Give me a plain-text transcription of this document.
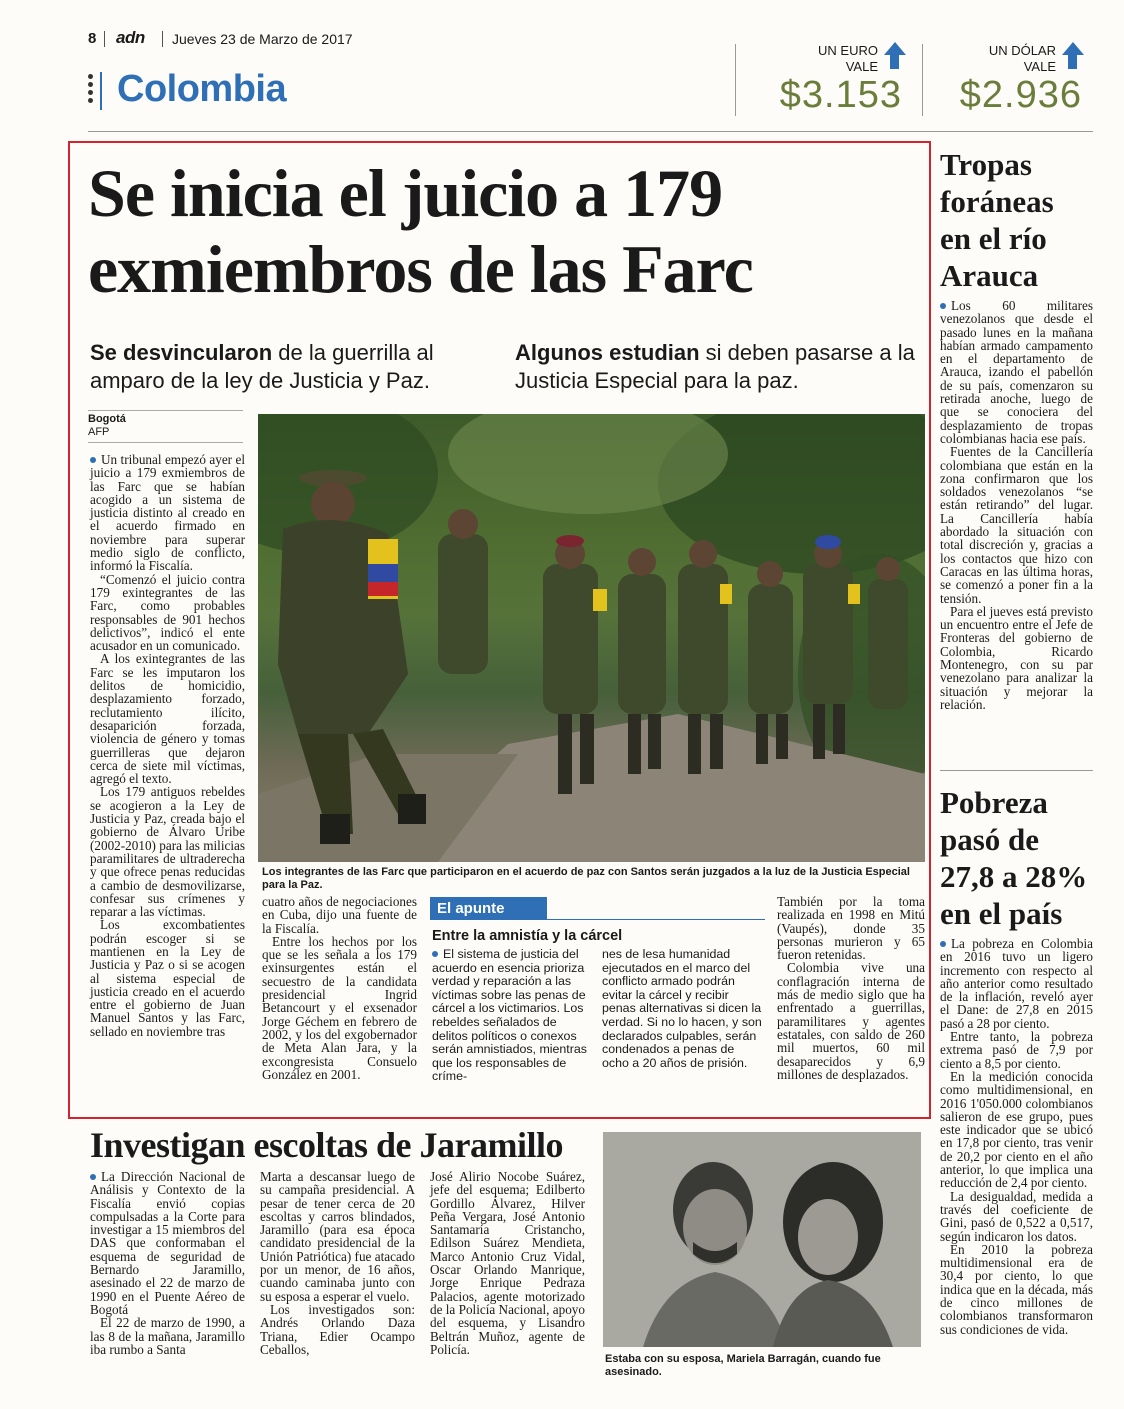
8 adn Jueves 23 de Marzo de 2017
Colombia
UN EURO
VALE
$3.153
UN DÓLAR
VALE
$2.936
Se inicia el juicio a 179
exmiembros de las Farc
Se desvincularon de la guerrilla al amparo de la ley de Justicia y Paz.
Algunos estudian si deben pasarse a la Justicia Especial para la paz.
Bogotá
AFP
Los integrantes de las Farc que participaron en el acuerdo de paz con Santos serán juzgados a la luz de la Justicia Especial para la Paz.

Un tribunal empezó ayer el juicio a 179 exmiembros de las Farc que se habían acogido a un sistema de justicia distinto al creado en el acuerdo firmado en noviembre para superar medio siglo de conflicto, informó la Fiscalía.

“Comenzó el juicio contra 179 exintegrantes de las Farc, como probables responsables de 901 hechos delictivos”, indicó el ente acusador en un comunicado.

A los exintegrantes de las Farc se les imputaron los delitos de homicidio, desplazamiento forzado, reclutamiento ilícito, desaparición forzada, violencia de género y tomas guerrilleras que dejaron cerca de siete mil víctimas, agregó el texto.

Los 179 antiguos rebeldes se acogieron a la Ley de Justicia y Paz, creada bajo el gobierno de Álvaro Uribe (2002-2010) para las milicias paramilitares de ultraderecha y que ofrece penas reducidas a cambio de desmovilizarse, confesar sus crímenes y reparar a las víctimas.

Los excombatientes podrán escoger si se mantienen en la Ley de Justicia y Paz o si se acogen al sistema especial de justicia creado en el acuerdo entre el gobierno de Juan Manuel Santos y las Farc, sellado en noviembre tras

cuatro años de negociaciones en Cuba, dijo una fuente de la Fiscalía.

Entre los hechos por los que se les señala a los 179 exinsurgentes están el secuestro de la candidata presidencial Ingrid Betancourt y el exsenador Jorge Géchem en febrero de 2002, y los del exgobernador de Meta Alan Jara, y la excongresista Consuelo González en 2001.

El apunte
Entre la amnistía y la cárcel
El sistema de justicia del acuerdo en esencia prioriza verdad y reparación a las víctimas sobre las penas de cárcel a los victimarios. Los rebeldes señalados de delitos políticos o conexos serán amnistiados, mientras que los responsables de críme-
nes de lesa humanidad ejecutados en el marco del conflicto armado podrán evitar la cárcel y recibir penas alternativas si dicen la verdad. Si no lo hacen, y son declarados culpables, serán condenados a penas de ocho a 20 años de prisión.

También por la toma realizada en 1998 en Mitú (Vaupés), donde 35 personas murieron y 65 fueron retenidas.

Colombia vive una conflagración interna de más de medio siglo que ha enfrentado a guerrillas, paramilitares y agentes estatales, con saldo de 260 mil muertos, 60 mil desaparecidos y 6,9 millones de desplazados.

Tropas foráneas en el río Arauca

Los 60 militares venezolanos que desde el pasado lunes en la mañana habían armado campamento en el departamento de Arauca, izando el pabellón de su país, comenzaron su retirada anoche, luego de que se conociera del desplazamiento de tropas colombianas hacia ese país.

Fuentes de la Cancillería colombiana que están en la zona confirmaron que los soldados venezolanos “se están retirando” del lugar. La Cancillería había abordado la situación con total discreción y, gracias a los contactos que hizo con Caracas en las última horas, se comenzó a poner fin a la tensión.

Para el jueves está previsto un encuentro entre el Jefe de Fronteras del gobierno de Colombia, Ricardo Montenegro, con su par venezolano para analizar la situación y mejorar la relación.

Pobreza pasó de 27,8 a 28% en el país

La pobreza en Colombia en 2016 tuvo un ligero incremento con respecto al año anterior como resultado de la inflación, reveló ayer el Dane: de 27,8 en 2015 pasó a 28 por ciento.

Entre tanto, la pobreza extrema pasó de 7,9 por ciento a 8,5 por ciento.

En la medición conocida como multidimensional, en 2016 1'050.000 colombianos salieron de ese grupo, pues este indicador que se ubicó en 17,8 por ciento, tras venir de 20,2 por ciento en el año anterior, lo que implica una reducción de 2,4 por ciento.

La desigualdad, medida a través del coeficiente de Gini, pasó de 0,522 a 0,517, según indicaron los datos.

En 2010 la pobreza multidimensional era de 30,4 por ciento, lo que indica que en la década, más de cinco millones de colombianos transformaron sus condiciones de vida.

Investigan escoltas de Jaramillo

La Dirección Nacional de Análisis y Contexto de la Fiscalía envió copias compulsadas a la Corte para investigar a 15 miembros del DAS que conformaban el esquema de seguridad de Bernardo Jaramillo, asesinado el 22 de marzo de 1990 en el Puente Aéreo de Bogotá

El 22 de marzo de 1990, a las 8 de la mañana, Jaramillo iba rumbo a Santa

Marta a descansar luego de su campaña presidencial. A pesar de tener cerca de 20 escoltas y carros blindados, Jaramillo (para esa época candidato presidencial de la Unión Patriótica) fue atacado por un menor, de 16 años, cuando caminaba junto con su esposa a esperar el vuelo.

Los investigados son: Andrés Orlando Daza Triana, Edier Ocampo Ceballos,

José Alirio Nocobe Suárez, jefe del esquema; Edilberto Gordillo Álvarez, Hilver Peña Vergara, José Antonio Santamaría Cristancho, Edilson Suárez Mendieta, Marco Antonio Cruz Vidal, Oscar Orlando Manrique, Jorge Enrique Pedraza Palacios, agente motorizado de la Policía Nacional, apoyo del esquema, y Lisandro Beltrán Muñoz, agente de Policía.

Estaba con su esposa, Mariela Barragán, cuando fue asesinado.
